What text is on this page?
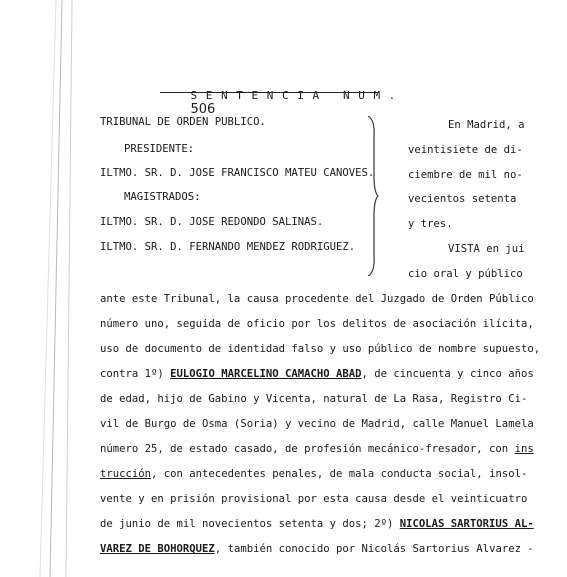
S E N T E N C I A   N U M .
506

TRIBUNAL DE ORDEN PUBLICO.
PRESIDENTE:
ILTMO. SR. D. JOSE FRANCISCO MATEU CANOVES.
MAGISTRADOS:
ILTMO. SR. D. JOSE REDONDO SALINAS.
ILTMO. SR. D. FERNANDO MENDEZ RODRIGUEZ.
En Madrid, a
veintisiete de di-
ciembre de mil no-
vecientos setenta
y tres.
VISTA en jui
cio oral y público
ante este Tribunal, la causa procedente del Juzgado de Orden Público
número uno, seguida de oficio por los delitos de asociación ilícita,
uso de documento de identidad falso y uso público de nombre supuesto,
contra 1º) EULOGIO MARCELINO CAMACHO ABAD, de cincuenta y cinco años
de edad, hijo de Gabino y Vicenta, natural de La Rasa, Registro Ci-
vil de Burgo de Osma (Soria) y vecino de Madrid, calle Manuel Lamela
número 25, de estado casado, de profesión mecánico-fresador, con ins
trucción, con antecedentes penales, de mala conducta social, insol-
vente y en prisión provisional por esta causa desde el veinticuatro
de junio de mil novecientos setenta y dos; 2º) NICOLAS SARTORIUS AL-
VAREZ DE BOHORQUEZ, también conocido por Nicolás Sartorius Alvarez -
